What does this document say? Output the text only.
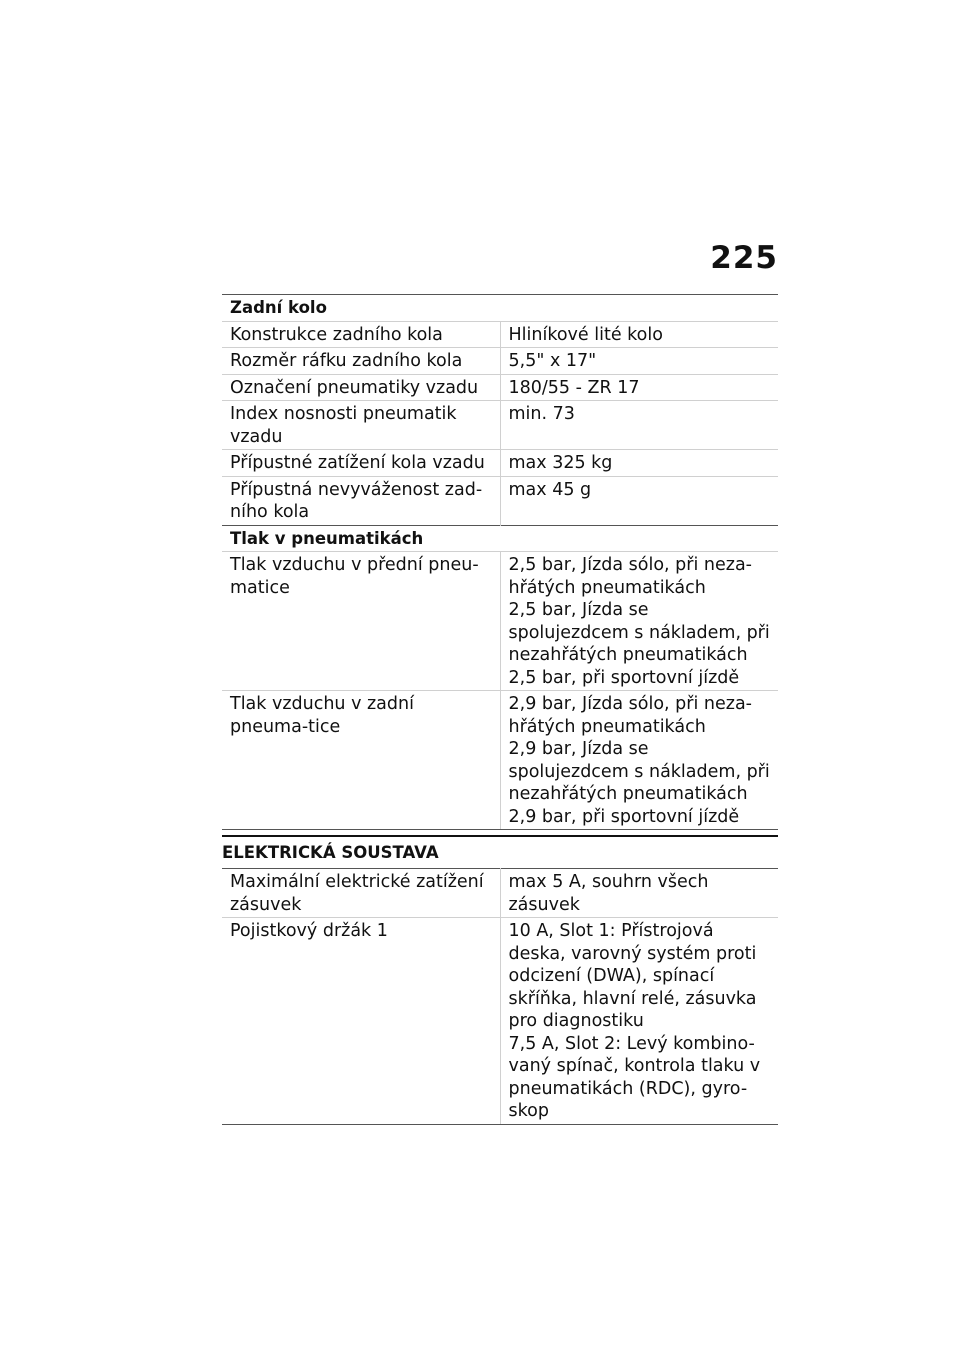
225
Zadní kolo	
Konstrukce zadního kola	Hliníkové lité kolo

Rozměr ráfku zadního kola	5,5" x 17"

Označení pneumatiky vzadu	180/55 - ZR 17

Index nosnosti pneumatik vzadu	min. 73

Přípustné zatížení kola vzadu	max 325 kg

Přípustná nevyváženost zad-ního kola	max 45 g

Tlak v pneumatikách	
Tlak vzduchu v přední pneu-matice	2,5 bar, Jízda sólo, při neza-hřátých pneumatikách
2,5 bar, Jízda se spolujezdcem s nákladem, při nezahřátých pneumatikách
2,5 bar, při sportovní jízdě

Tlak vzduchu v zadní pneuma-tice	2,9 bar, Jízda sólo, při neza-hřátých pneumatikách
2,9 bar, Jízda se spolujezdcem s nákladem, při nezahřátých pneumatikách
2,9 bar, při sportovní jízdě
ELEKTRICKÁ SOUSTAVA
Maximální elektrické zatížení zásuvek	max 5 A, souhrn všech zásuvek

Pojistkový držák 1	10 A, Slot 1: Přístrojová deska, varovný systém proti odcizení (DWA), spínací skříňka, hlavní relé, zásuvka pro diagnostiku
7,5 A, Slot 2: Levý kombino-vaný spínač, kontrola tlaku v pneumatikách (RDC), gyro-skop
